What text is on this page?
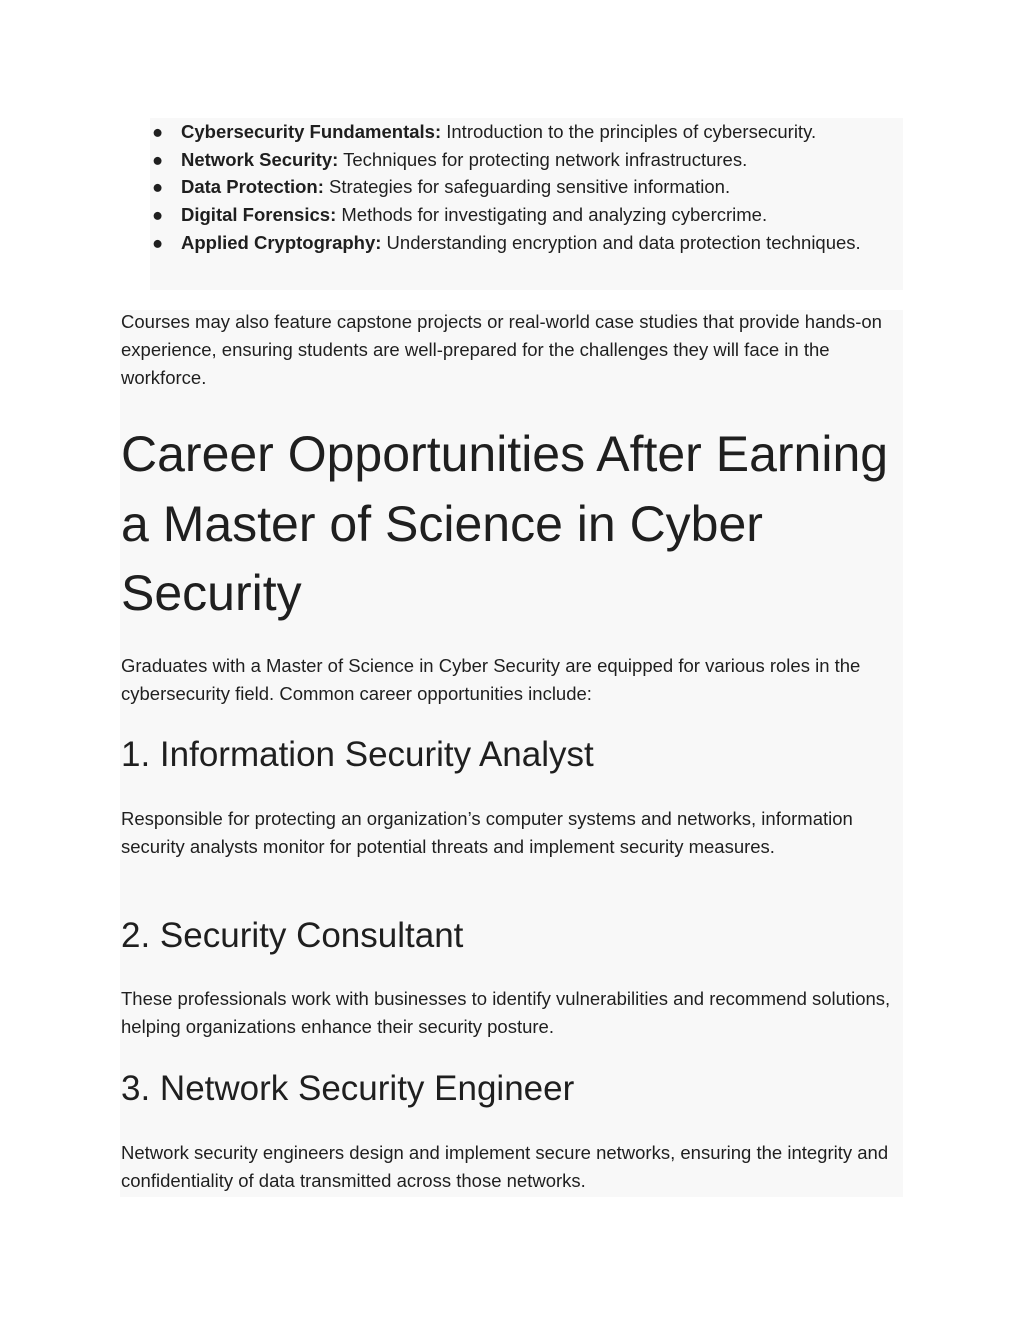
● Cybersecurity Fundamentals: Introduction to the principles of cybersecurity.
● Network Security: Techniques for protecting network infrastructures.
● Data Protection: Strategies for safeguarding sensitive information.
● Digital Forensics: Methods for investigating and analyzing cybercrime.
● Applied Cryptography: Understanding encryption and data protection techniques.

Courses may also feature capstone projects or real-world case studies that provide hands-on experience, ensuring students are well-prepared for the challenges they will face in the workforce.

Career Opportunities After Earning a Master of Science in Cyber Security

Graduates with a Master of Science in Cyber Security are equipped for various roles in the cybersecurity field. Common career opportunities include:

1. Information Security Analyst

Responsible for protecting an organization’s computer systems and networks, information security analysts monitor for potential threats and implement security measures.

2. Security Consultant

These professionals work with businesses to identify vulnerabilities and recommend solutions, helping organizations enhance their security posture.

3. Network Security Engineer

Network security engineers design and implement secure networks, ensuring the integrity and confidentiality of data transmitted across those networks.
